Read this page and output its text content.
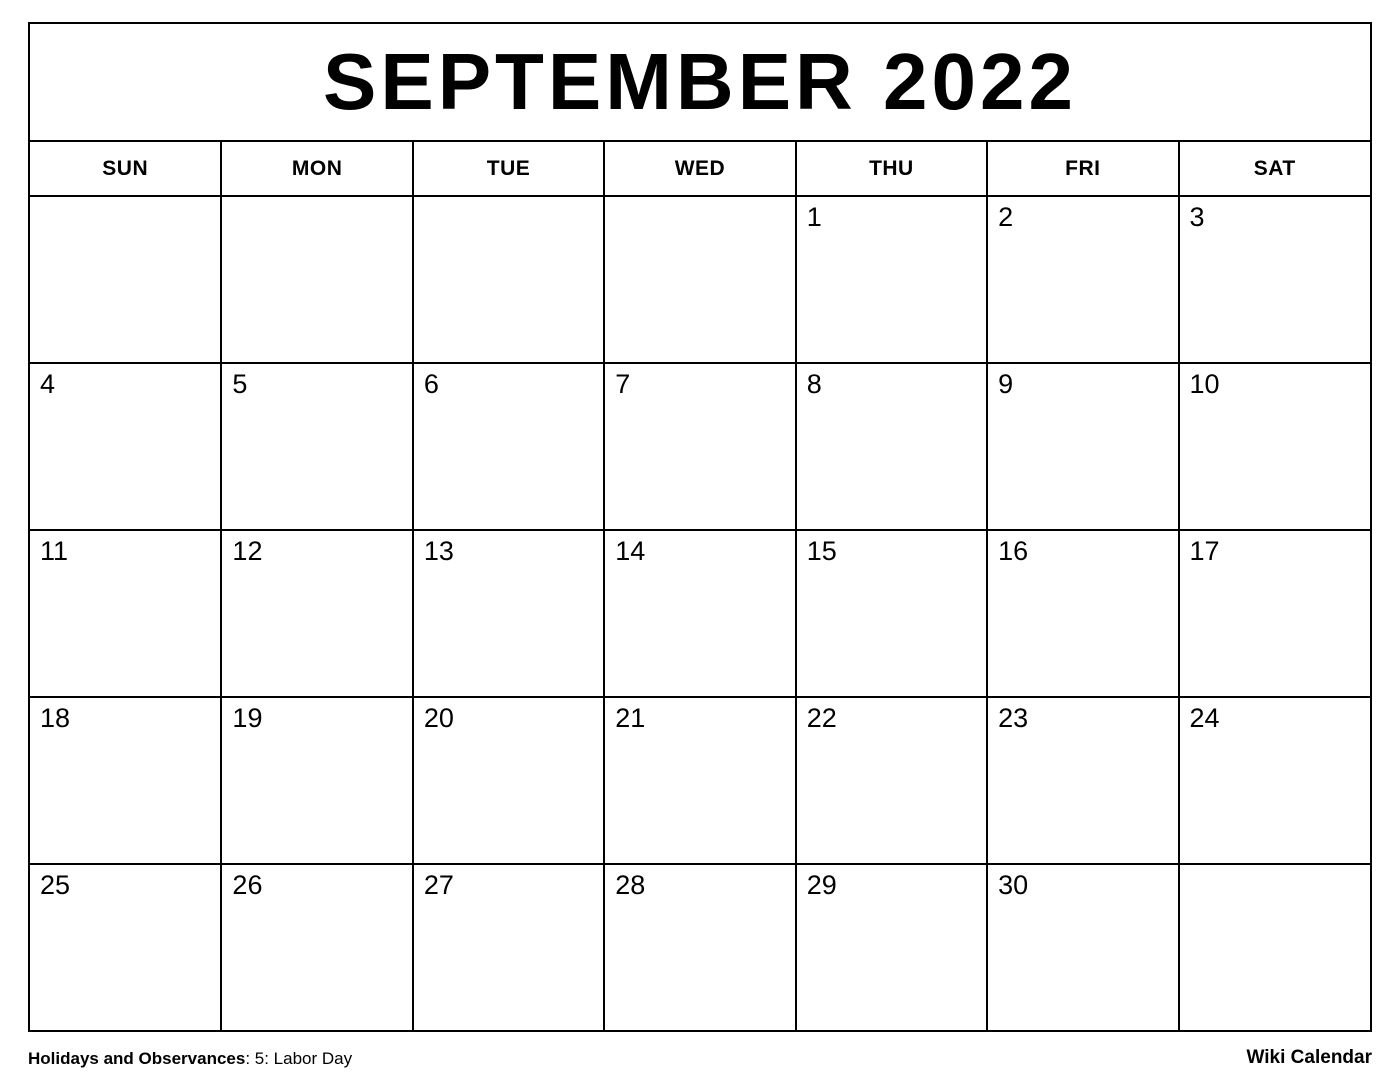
SEPTEMBER 2022
SUN	MON	TUE	WED	THU	FRI	SAT

				1	2	3

4	5	6	7	8	9	10

11	12	13	14	15	16	17

18	19	20	21	22	23	24

25	26	27	28	29	30	

Holidays and Observances: 5: Labor Day	Wiki Calendar
